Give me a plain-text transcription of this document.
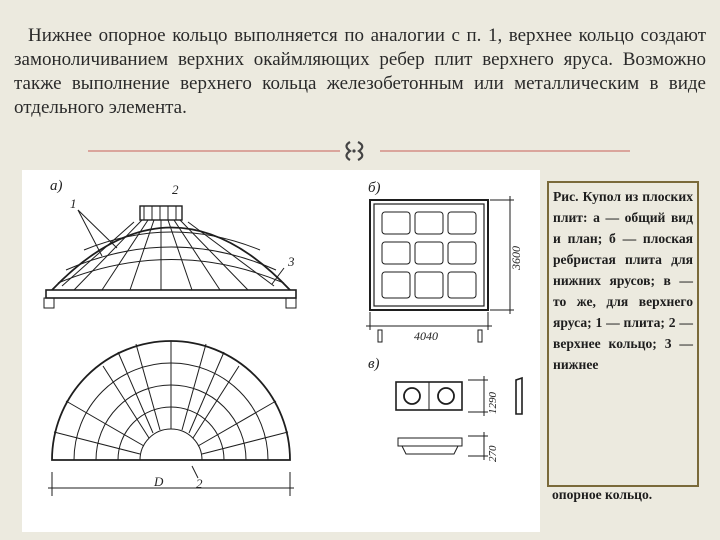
Нижнее опорное кольцо выполняется по аналогии с п. 1, верхнее кольцо создают замоноличиванием верхних окаймляющих ребер плит верхнего яруса. Возможно также выполнение верхнего кольца железобетонным или металлическим в виде отдельного элемента.

а)	б)
в)
1
2
3
2
D
4040
3600
1290
270
Рис. Купол из плоских плит: а — общий вид и план; б — плоская ребристая плита для нижних ярусов; в — то же, для верхнего яруса; 1 — плита; 2 — верхнее кольцо; 3 — нижнее
опорное кольцо.
